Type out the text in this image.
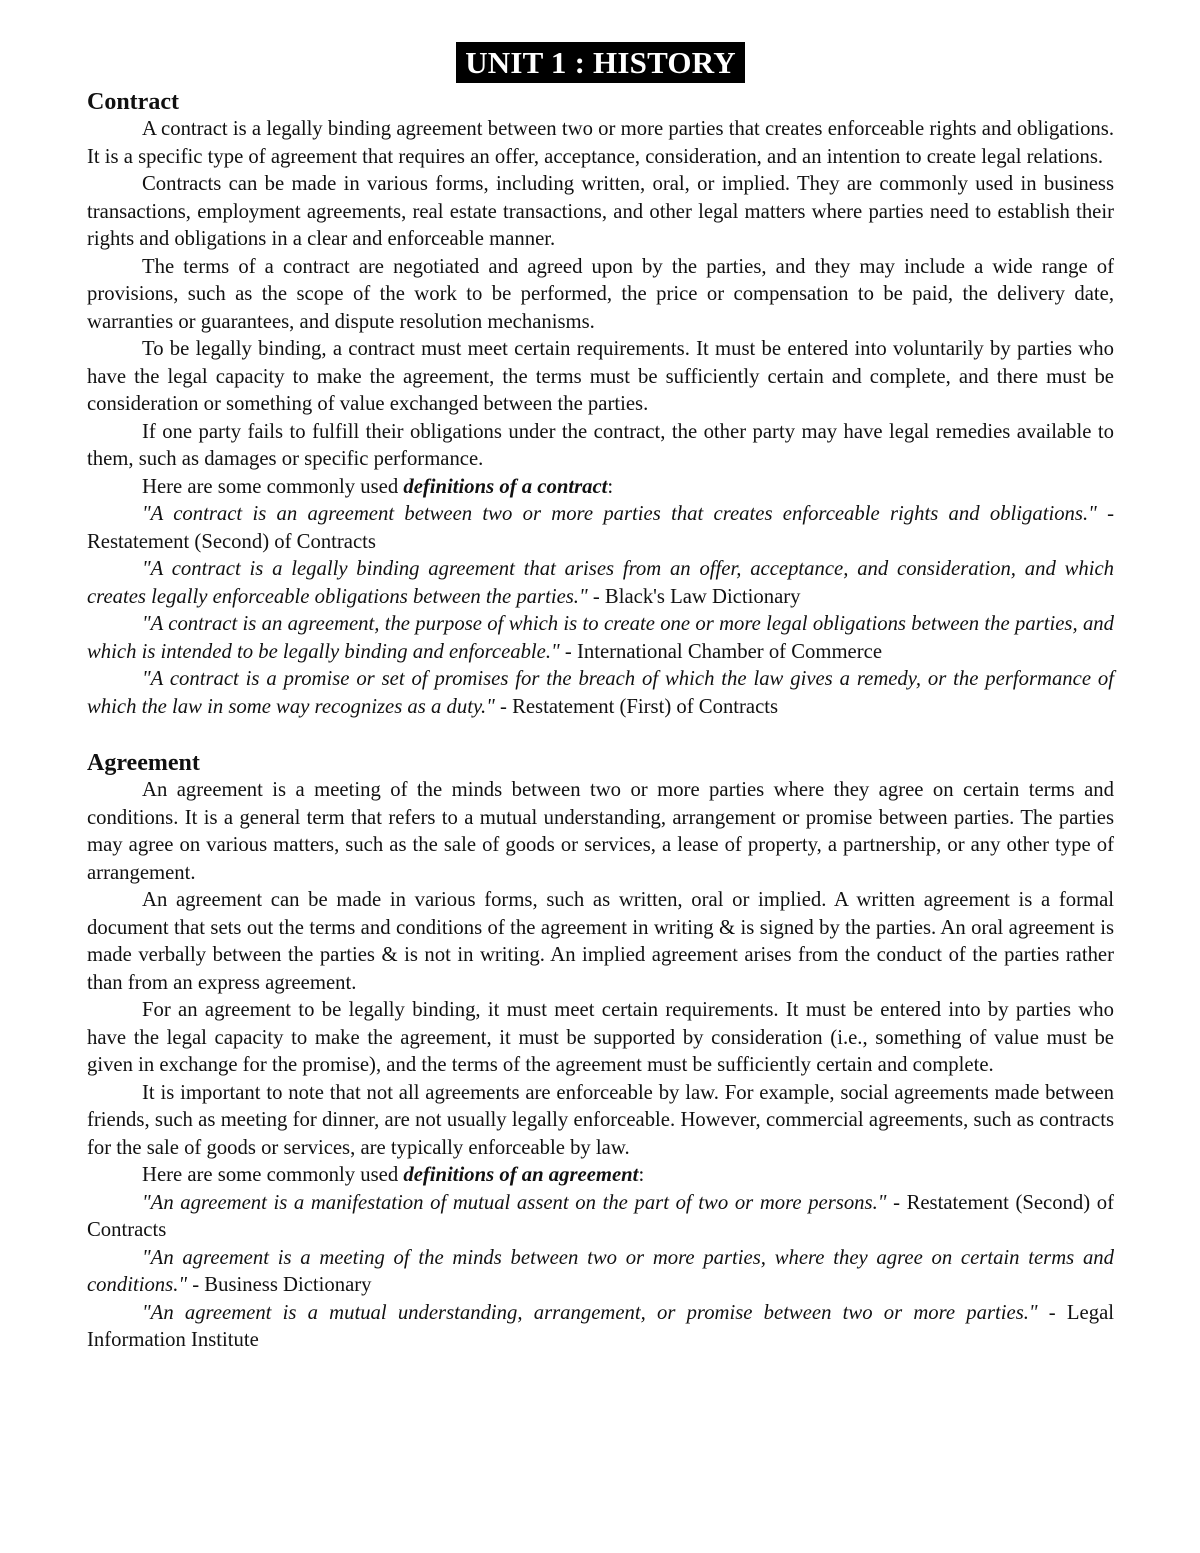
UNIT 1 : HISTORY
Contract

A contract is a legally binding agreement between two or more parties that creates enforceable rights and obligations. It is a specific type of agreement that requires an offer, acceptance, consideration, and an intention to create legal relations.

Contracts can be made in various forms, including written, oral, or implied. They are commonly used in business transactions, employment agreements, real estate transactions, and other legal matters where parties need to establish their rights and obligations in a clear and enforceable manner.

The terms of a contract are negotiated and agreed upon by the parties, and they may include a wide range of provisions, such as the scope of the work to be performed, the price or compensation to be paid, the delivery date, warranties or guarantees, and dispute resolution mechanisms.

To be legally binding, a contract must meet certain requirements. It must be entered into voluntarily by parties who have the legal capacity to make the agreement, the terms must be sufficiently certain and complete, and there must be consideration or something of value exchanged between the parties.

If one party fails to fulfill their obligations under the contract, the other party may have legal remedies available to them, such as damages or specific performance.

Here are some commonly used definitions of a contract:

"A contract is an agreement between two or more parties that creates enforceable rights and obligations." - Restatement (Second) of Contracts

"A contract is a legally binding agreement that arises from an offer, acceptance, and consideration, and which creates legally enforceable obligations between the parties." - Black's Law Dictionary

"A contract is an agreement, the purpose of which is to create one or more legal obligations between the parties, and which is intended to be legally binding and enforceable." - International Chamber of Commerce

"A contract is a promise or set of promises for the breach of which the law gives a remedy, or the performance of which the law in some way recognizes as a duty." - Restatement (First) of Contracts

Agreement

An agreement is a meeting of the minds between two or more parties where they agree on certain terms and conditions. It is a general term that refers to a mutual understanding, arrangement or promise between parties. The parties may agree on various matters, such as the sale of goods or services, a lease of property, a partnership, or any other type of arrangement.

An agreement can be made in various forms, such as written, oral or implied. A written agreement is a formal document that sets out the terms and conditions of the agreement in writing & is signed by the parties. An oral agreement is made verbally between the parties & is not in writing. An implied agreement arises from the conduct of the parties rather than from an express agreement.

For an agreement to be legally binding, it must meet certain requirements. It must be entered into by parties who have the legal capacity to make the agreement, it must be supported by consideration (i.e., something of value must be given in exchange for the promise), and the terms of the agreement must be sufficiently certain and complete.

It is important to note that not all agreements are enforceable by law. For example, social agreements made between friends, such as meeting for dinner, are not usually legally enforceable. However, commercial agreements, such as contracts for the sale of goods or services, are typically enforceable by law.

Here are some commonly used definitions of an agreement:

"An agreement is a manifestation of mutual assent on the part of two or more persons." - Restatement (Second) of Contracts

"An agreement is a meeting of the minds between two or more parties, where they agree on certain terms and conditions." - Business Dictionary

"An agreement is a mutual understanding, arrangement, or promise between two or more parties." - Legal Information Institute
